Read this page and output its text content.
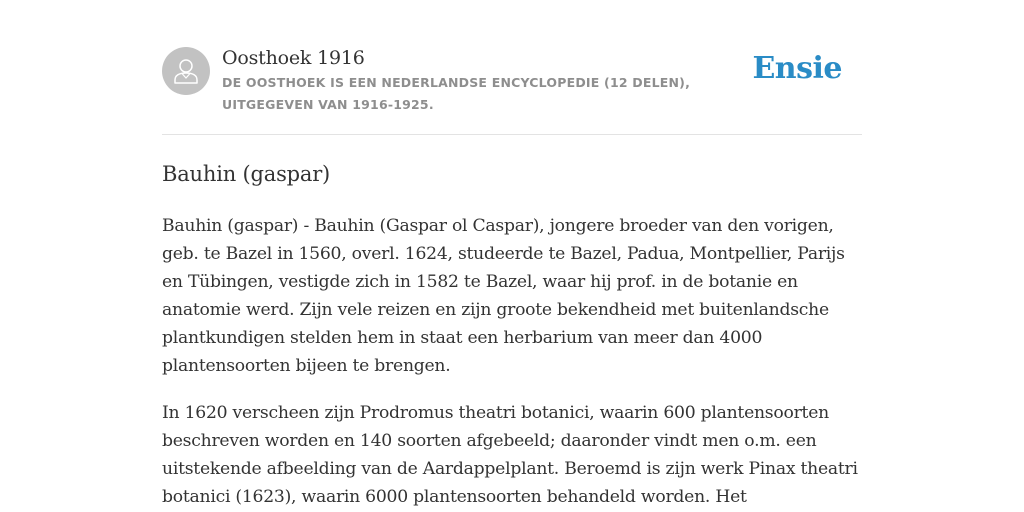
Oosthoek 1916
DE OOSTHOEK IS EEN NEDERLANDSE ENCYCLOPEDIE (12 DELEN), UITGEGEVEN VAN 1916-1925.
Ensie
Bauhin (gaspar)

Bauhin (gaspar) - Bauhin (Gaspar ol Caspar), jongere broeder van den vorigen, geb. te Bazel in 1560, overl. 1624, studeerde te Bazel, Padua, Montpellier, Parijs en Tübingen, vestigde zich in 1582 te Bazel, waar hij prof. in de botanie en anatomie werd. Zijn vele reizen en zijn groote bekendheid met buitenlandsche plantkundigen stelden hem in staat een herbarium van meer dan 4000 plantensoorten bijeen te brengen.

In 1620 verscheen zijn Prodromus theatri botanici, waarin 600 plantensoorten beschreven worden en 140 soorten afgebeeld; daaronder vindt men o.m. een uitstekende afbeelding van de Aardappelplant. Beroemd is zijn werk Pinax theatri botanici (1623), waarin 6000 plantensoorten behandeld worden. Het
